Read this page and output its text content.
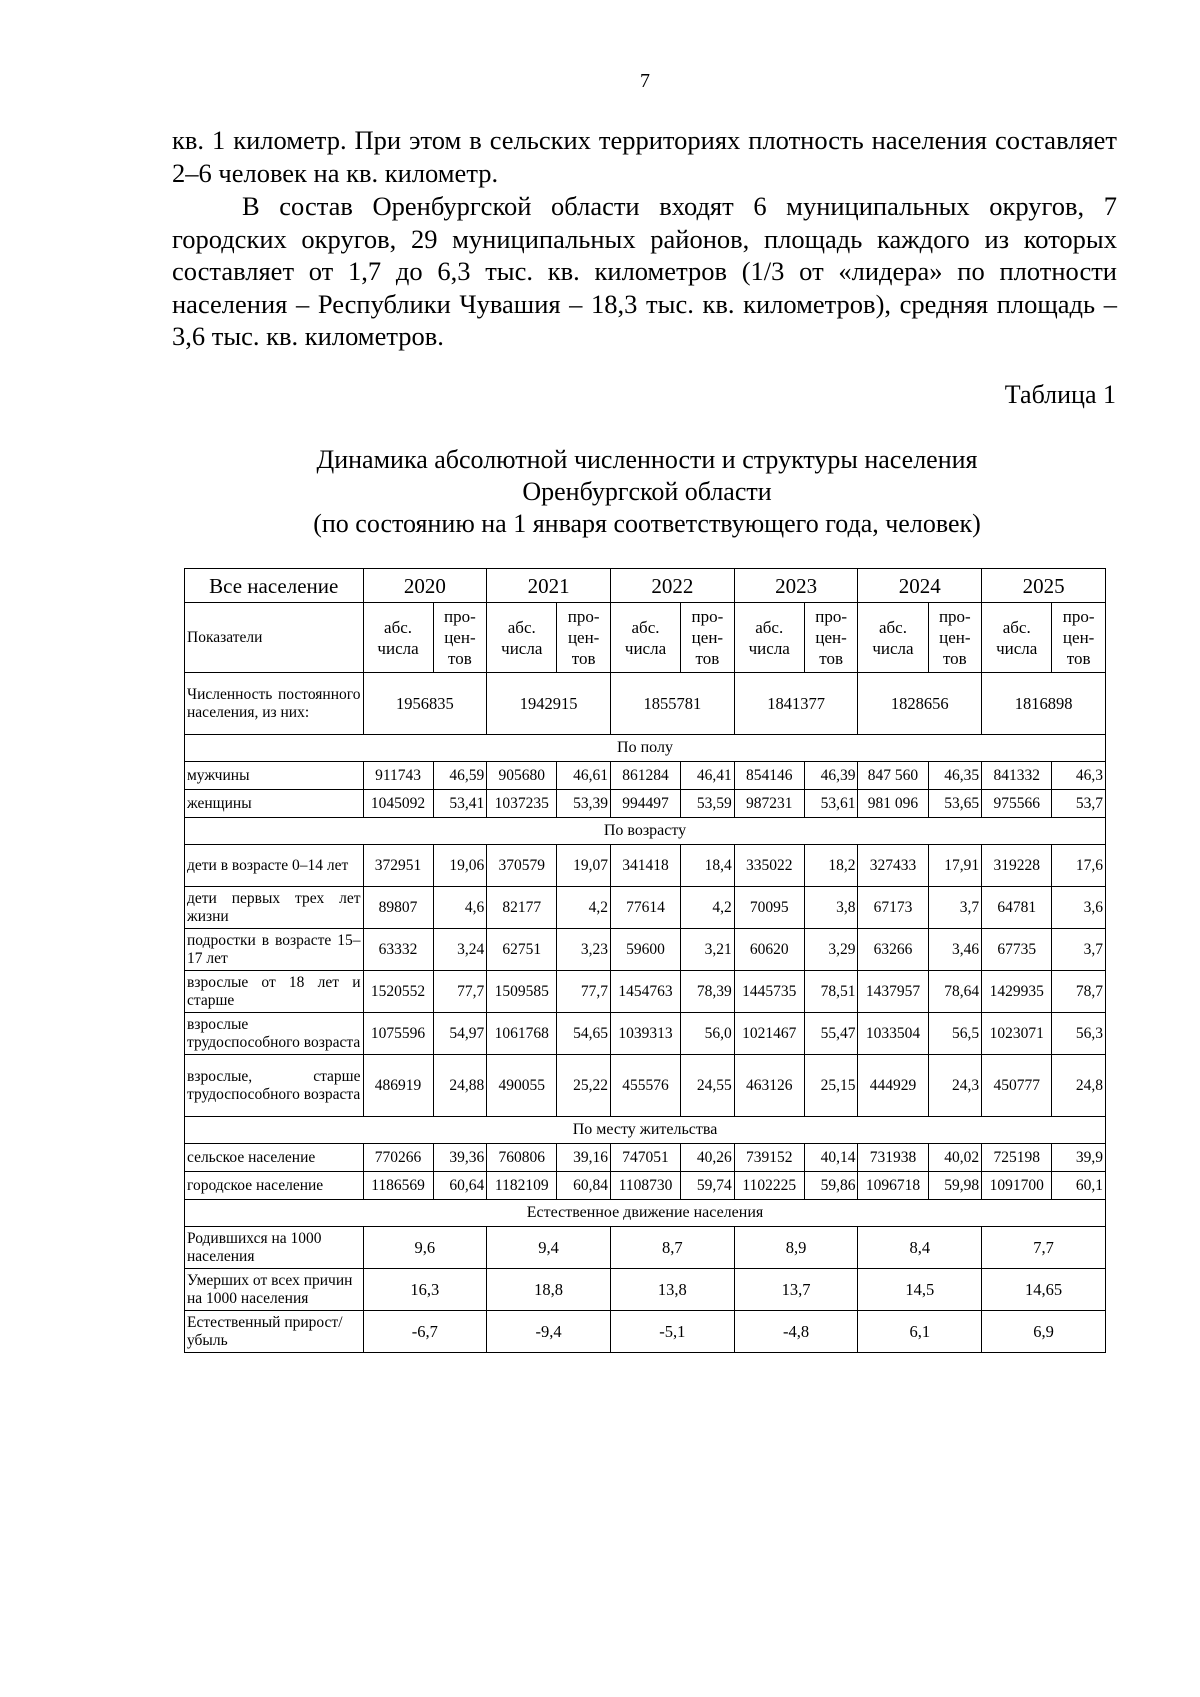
7
кв. 1 километр. При этом в сельских территориях плотность населения составляет 2–6 человек на кв. километр.
В состав Оренбургской области входят 6 муниципальных округов, 7 городских округов, 29 муниципальных районов, площадь каждого из которых составляет от 1,7 до 6,3 тыс. кв. километров (1/3 от «лидера» по плотности населения – Республики Чувашия – 18,3 тыс. кв. километров), средняя площадь – 3,6 тыс. кв. километров.
Таблица 1
Динамика абсолютной численности и структуры населения
Оренбургской области
(по состоянию на 1 января соответствующего года, человек)
Все население	2020		2021		2022		2023		2024		2025	
Показатели	абс. числа	про- цен- тов	абс. числа	про- цен- тов	абс. числа	про- цен- тов	абс. числа	про- цен- тов	абс. числа	про- цен- тов	абс. числа	про- цен- тов
Численность постоянного населения, из них:	1956835		1942915		1855781		1841377		1828656		1816898	
По полу												
мужчины	911743	46,59	905680	46,61	861284	46,41	854146	46,39	847 560	46,35	841332	46,3
женщины	1045092	53,41	1037235	53,39	994497	53,59	987231	53,61	981 096	53,65	975566	53,7
По возрасту												
дети в возрасте 0–14 лет	372951	19,06	370579	19,07	341418	18,4	335022	18,2	327433	17,91	319228	17,6
дети первых трех лет жизни	89807	4,6	82177	4,2	77614	4,2	70095	3,8	67173	3,7	64781	3,6
подростки в возрасте 15–17 лет	63332	3,24	62751	3,23	59600	3,21	60620	3,29	63266	3,46	67735	3,7
взрослые от 18 лет и старше	1520552	77,7	1509585	77,7	1454763	78,39	1445735	78,51	1437957	78,64	1429935	78,7
взрослые трудоспособного возраста	1075596	54,97	1061768	54,65	1039313	56,0	1021467	55,47	1033504	56,5	1023071	56,3
взрослые, старше трудоспособного возраста	486919	24,88	490055	25,22	455576	24,55	463126	25,15	444929	24,3	450777	24,8
По месту жительства												
сельское население	770266	39,36	760806	39,16	747051	40,26	739152	40,14	731938	40,02	725198	39,9
городское население	1186569	60,64	1182109	60,84	1108730	59,74	1102225	59,86	1096718	59,98	1091700	60,1
Естественное движение населения												
Родившихся на 1000 населения	9,6		9,4		8,7		8,9		8,4		7,7	
Умерших от всех причин на 1000 населения	16,3		18,8		13,8		13,7		14,5		14,65	
Естественный прирост/убыль	-6,7		-9,4		-5,1		-4,8		6,1		6,9	
